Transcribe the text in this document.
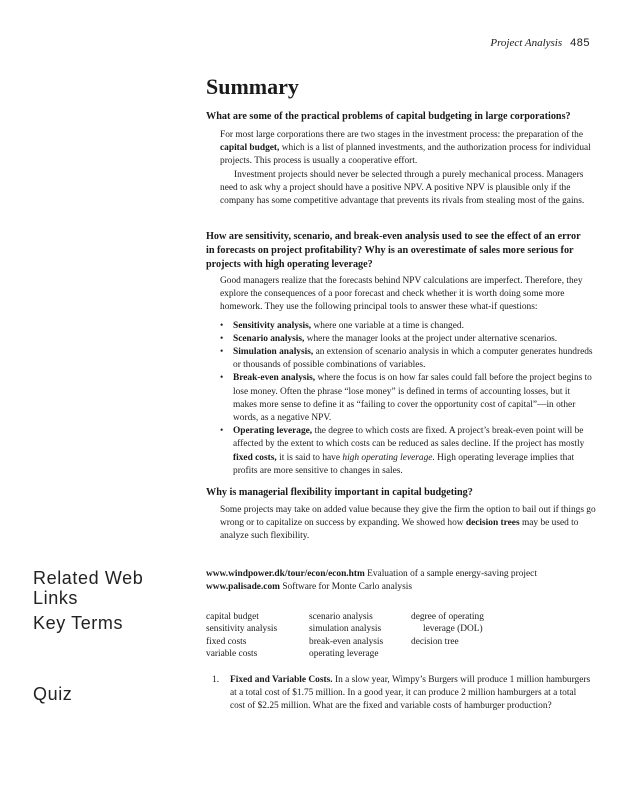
Project Analysis 485
Summary
What are some of the practical problems of capital budgeting in large corporations?
For most large corporations there are two stages in the investment process: the preparation of the capital budget, which is a list of planned investments, and the authorization process for individual projects. This process is usually a cooperative effort.
Investment projects should never be selected through a purely mechanical process. Managers need to ask why a project should have a positive NPV. A positive NPV is plausible only if the company has some competitive advantage that prevents its rivals from stealing most of the gains.
How are sensitivity, scenario, and break-even analysis used to see the effect of an error in forecasts on project profitability? Why is an overestimate of sales more serious for projects with high operating leverage?
Good managers realize that the forecasts behind NPV calculations are imperfect. Therefore, they explore the consequences of a poor forecast and check whether it is worth doing some more homework. They use the following principal tools to answer these what-if questions:
• Sensitivity analysis, where one variable at a time is changed.
• Scenario analysis, where the manager looks at the project under alternative scenarios.
• Simulation analysis, an extension of scenario analysis in which a computer generates hundreds or thousands of possible combinations of variables.
• Break-even analysis, where the focus is on how far sales could fall before the project begins to lose money. Often the phrase “lose money” is defined in terms of accounting losses, but it makes more sense to define it as “failing to cover the opportunity cost of capital”—in other words, as a negative NPV.
• Operating leverage, the degree to which costs are fixed. A project’s break-even point will be affected by the extent to which costs can be reduced as sales decline. If the project has mostly fixed costs, it is said to have high operating leverage. High operating leverage implies that profits are more sensitive to changes in sales.
Why is managerial flexibility important in capital budgeting?
Some projects may take on added value because they give the firm the option to bail out if things go wrong or to capitalize on success by expanding. We showed how decision trees may be used to analyze such flexibility.
Related Web Links
www.windpower.dk/tour/econ/econ.htm Evaluation of a sample energy-saving project
www.palisade.com Software for Monte Carlo analysis
Key Terms	capital budget
sensitivity analysis
fixed costs
variable costs
scenario analysis
simulation analysis
break-even analysis
operating leverage
degree of operating
leverage (DOL)
decision tree
Quiz
1.	Fixed and Variable Costs. In a slow year, Wimpy’s Burgers will produce 1 million hamburgers at a total cost of $1.75 million. In a good year, it can produce 2 million hamburgers at a total cost of $2.25 million. What are the fixed and variable costs of hamburger production?
